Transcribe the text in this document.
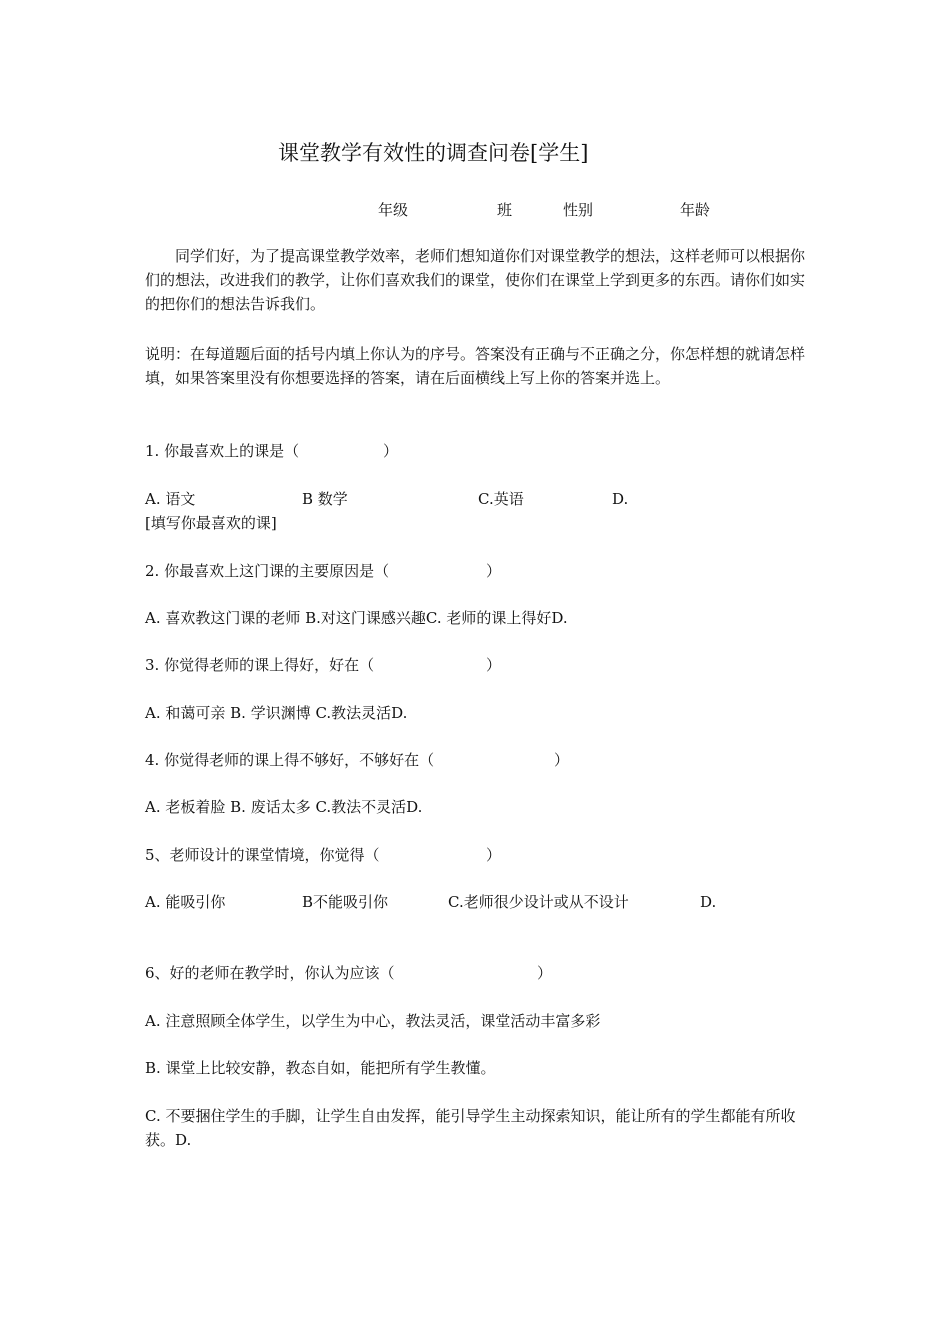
课堂教学有效性的调查问卷[学生]
年级	班	性别	年龄
同学们好，为了提高课堂教学效率，老师们想知道你们对课堂教学的想法，这样老师可以根据你们的想法，改进我们的教学，让你们喜欢我们的课堂，使你们在课堂上学到更多的东西。请你们如实的把你们的想法告诉我们。
说明：在每道题后面的括号内填上你认为的序号。答案没有正确与不正确之分，你怎样想的就请怎样填，如果答案里没有你想要选择的答案，请在后面横线上写上你的答案并选上。
1. 你最喜欢上的课是（	）
A. 语文	B 数学	C.英语	D.
[填写你最喜欢的课]
2. 你最喜欢上这门课的主要原因是（	）
A. 喜欢教这门课的老师 B.对这门课感兴趣C. 老师的课上得好D.
3. 你觉得老师的课上得好，好在（	）
A. 和蔼可亲 B. 学识渊博 C.教法灵活D.
4. 你觉得老师的课上得不够好，不够好在（	）
A. 老板着脸 B. 废话太多 C.教法不灵活D.
5、老师设计的课堂情境，你觉得（	）
A. 能吸引你	B不能吸引你	C.老师很少设计或从不设计	D.
6、好的老师在教学时，你认为应该（	）
A. 注意照顾全体学生，以学生为中心，教法灵活，课堂活动丰富多彩
B. 课堂上比较安静，教态自如，能把所有学生教懂。
C. 不要捆住学生的手脚，让学生自由发挥，能引导学生主动探索知识，能让所有的学生都能有所收获。D.
